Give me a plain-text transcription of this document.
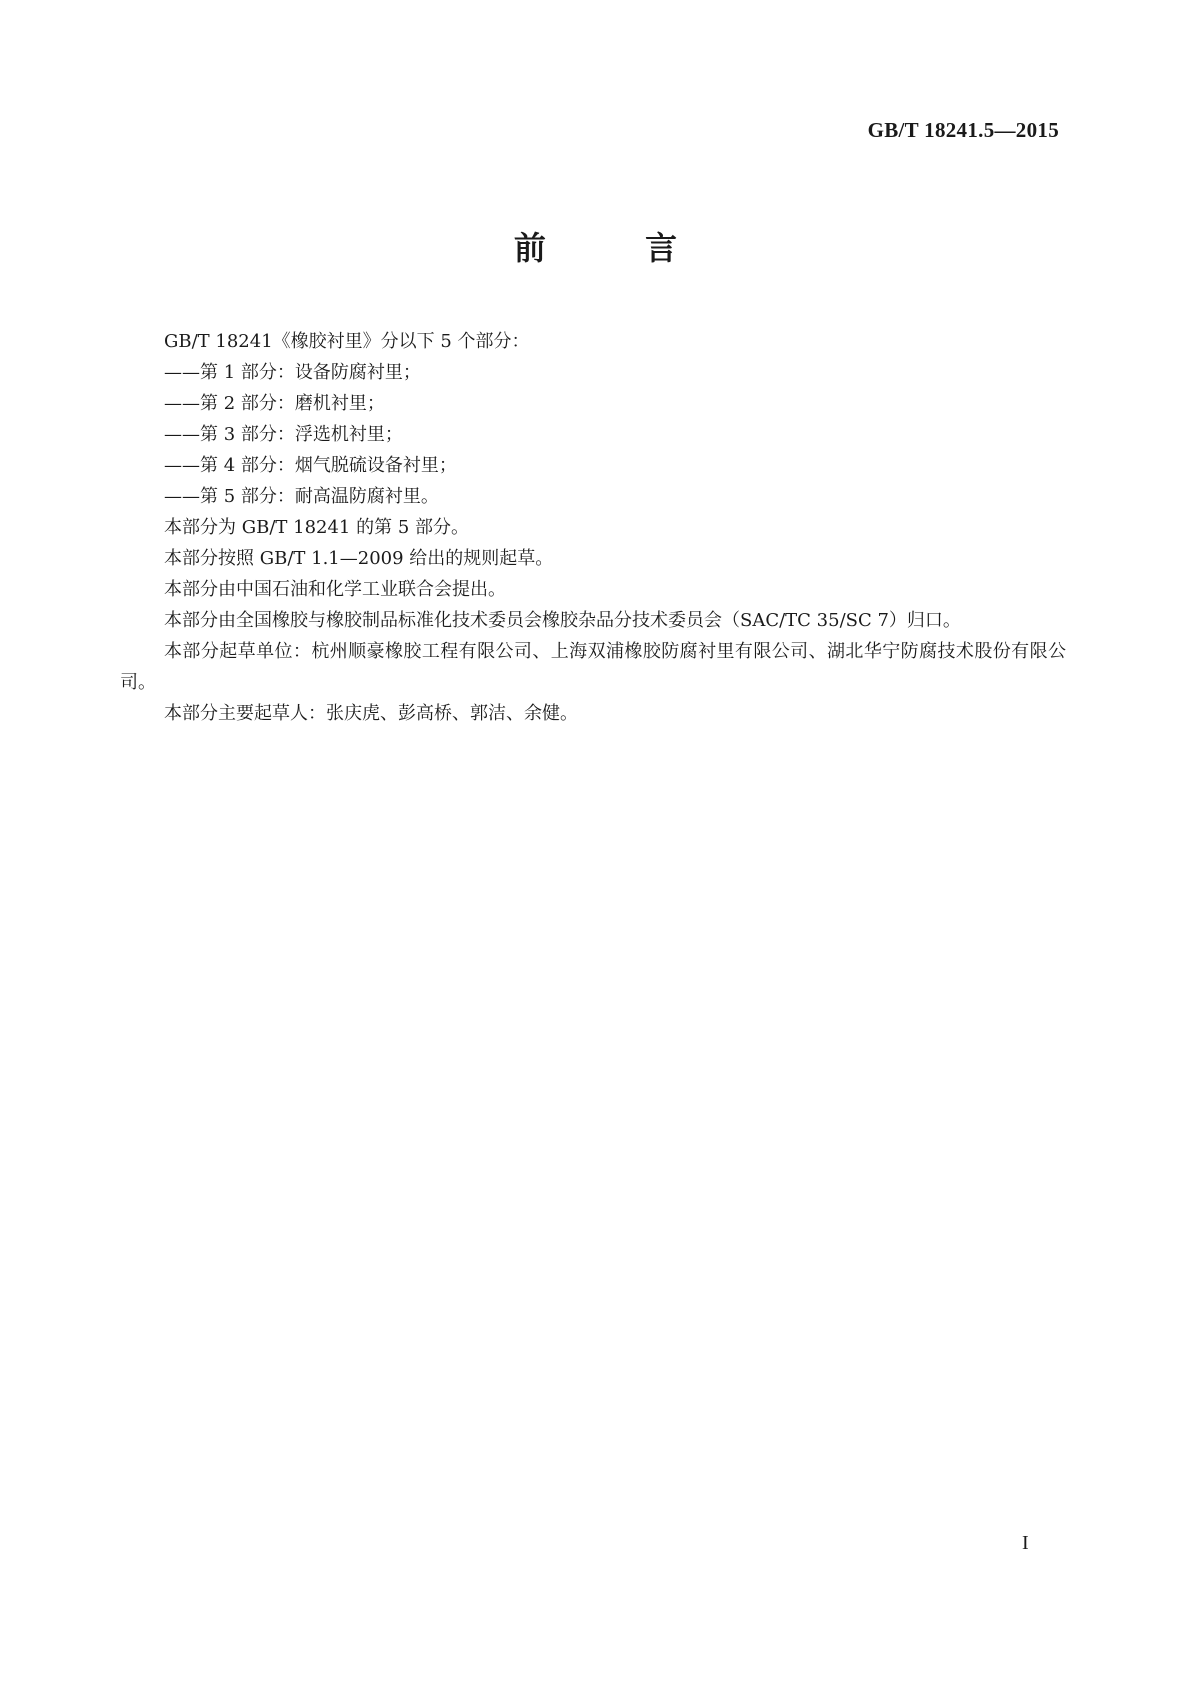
GB/T 18241.5—2015
前 言

GB/T 18241《橡胶衬里》分以下 5 个部分：

——第 1 部分：设备防腐衬里；

——第 2 部分：磨机衬里；

——第 3 部分：浮选机衬里；

——第 4 部分：烟气脱硫设备衬里；

——第 5 部分：耐高温防腐衬里。

本部分为 GB/T 18241 的第 5 部分。

本部分按照 GB/T 1.1—2009 给出的规则起草。

本部分由中国石油和化学工业联合会提出。

本部分由全国橡胶与橡胶制品标准化技术委员会橡胶杂品分技术委员会（SAC/TC 35/SC 7）归口。

本部分起草单位：杭州顺豪橡胶工程有限公司、上海双浦橡胶防腐衬里有限公司、湖北华宁防腐技术股份有限公司。

本部分主要起草人：张庆虎、彭高桥、郭洁、余健。

I
